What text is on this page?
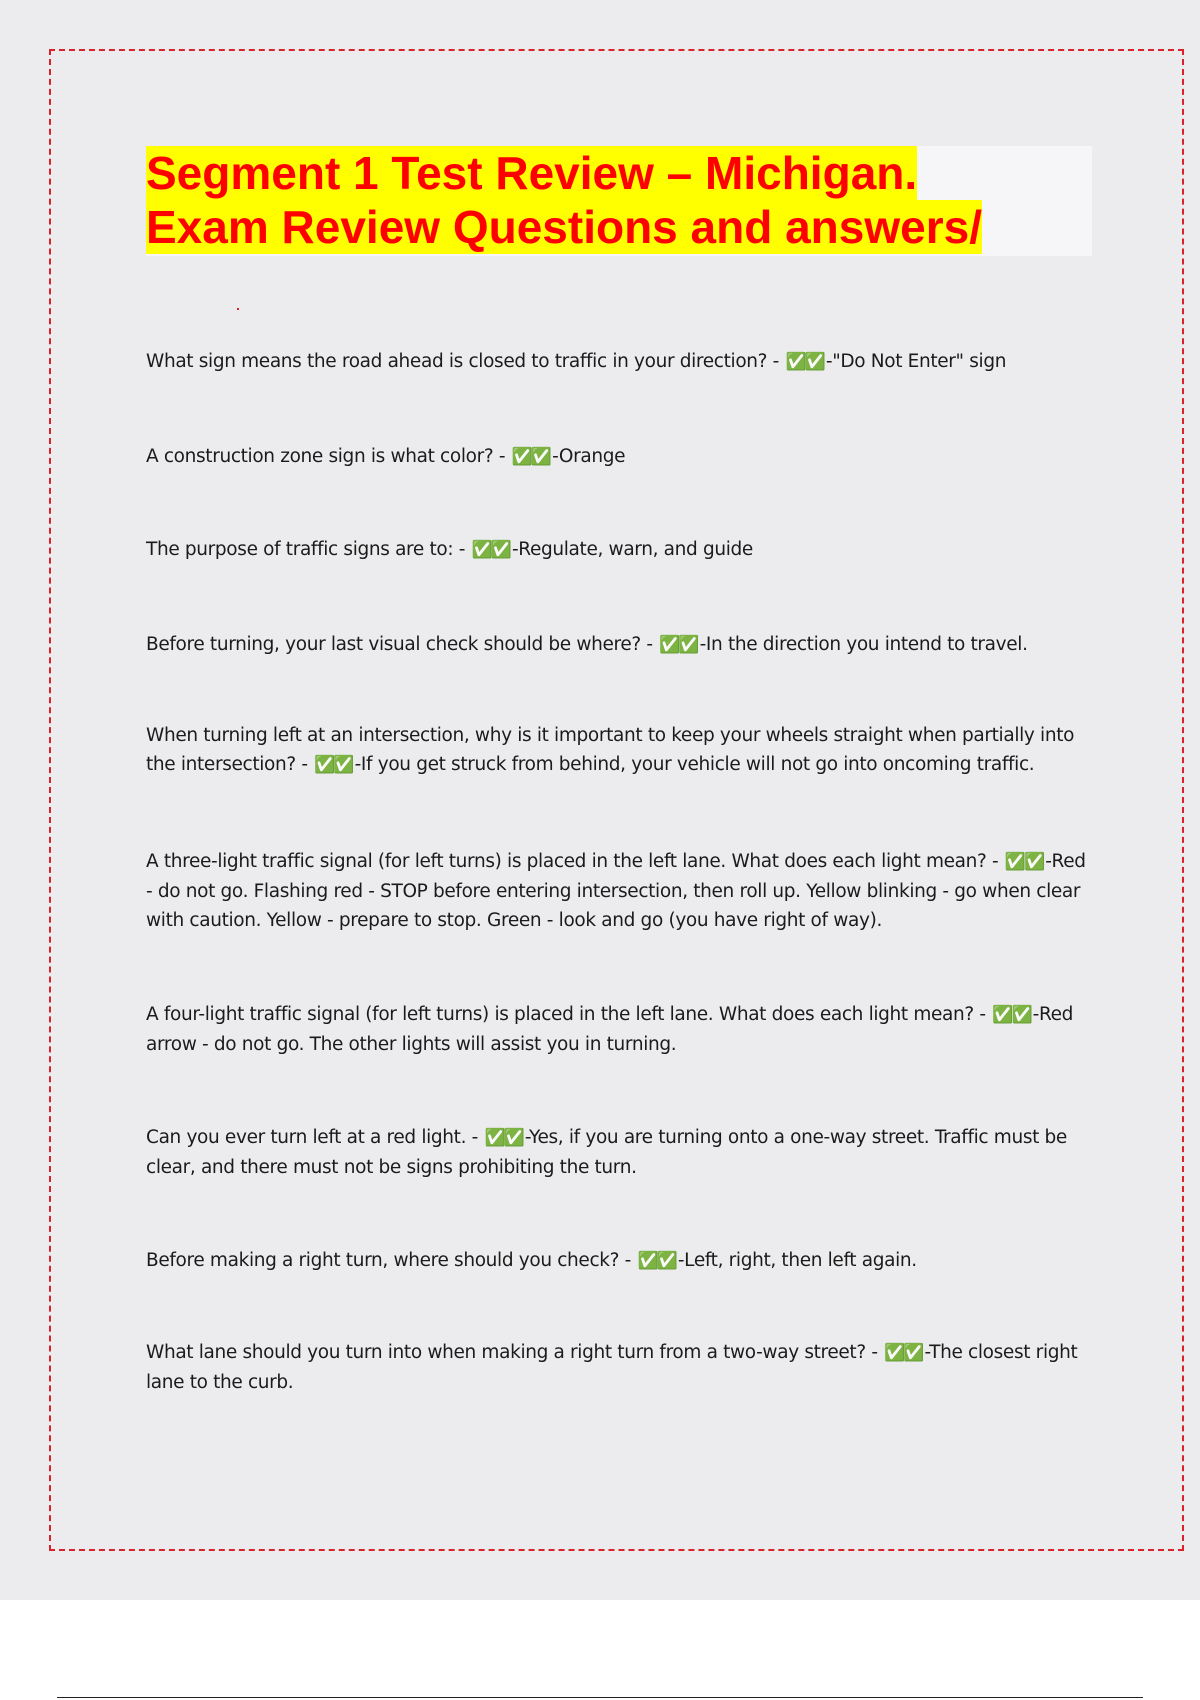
Segment 1 Test Review – Michigan.
Exam Review Questions and answers/

What sign means the road ahead is closed to traffic in your direction? - ✅✅ -"Do Not Enter" sign

A construction zone sign is what color? - ✅✅ -Orange

The purpose of traffic signs are to: - ✅✅ -Regulate, warn, and guide

Before turning, your last visual check should be where? - ✅✅ -In the direction you intend to travel.

When turning left at an intersection, why is it important to keep your wheels straight when partially into the intersection? - ✅✅ -If you get struck from behind, your vehicle will not go into oncoming traffic.

A three-light traffic signal (for left turns) is placed in the left lane. What does each light mean? - ✅✅ -Red - do not go. Flashing red - STOP before entering intersection, then roll up. Yellow blinking - go when clear with caution. Yellow - prepare to stop. Green - look and go (you have right of way).

A four-light traffic signal (for left turns) is placed in the left lane. What does each light mean? - ✅✅ -Red arrow - do not go. The other lights will assist you in turning.

Can you ever turn left at a red light. - ✅✅ -Yes, if you are turning onto a one-way street. Traffic must be clear, and there must not be signs prohibiting the turn.

Before making a right turn, where should you check? - ✅✅ -Left, right, then left again.

What lane should you turn into when making a right turn from a two-way street? - ✅✅ -The closest right lane to the curb.
